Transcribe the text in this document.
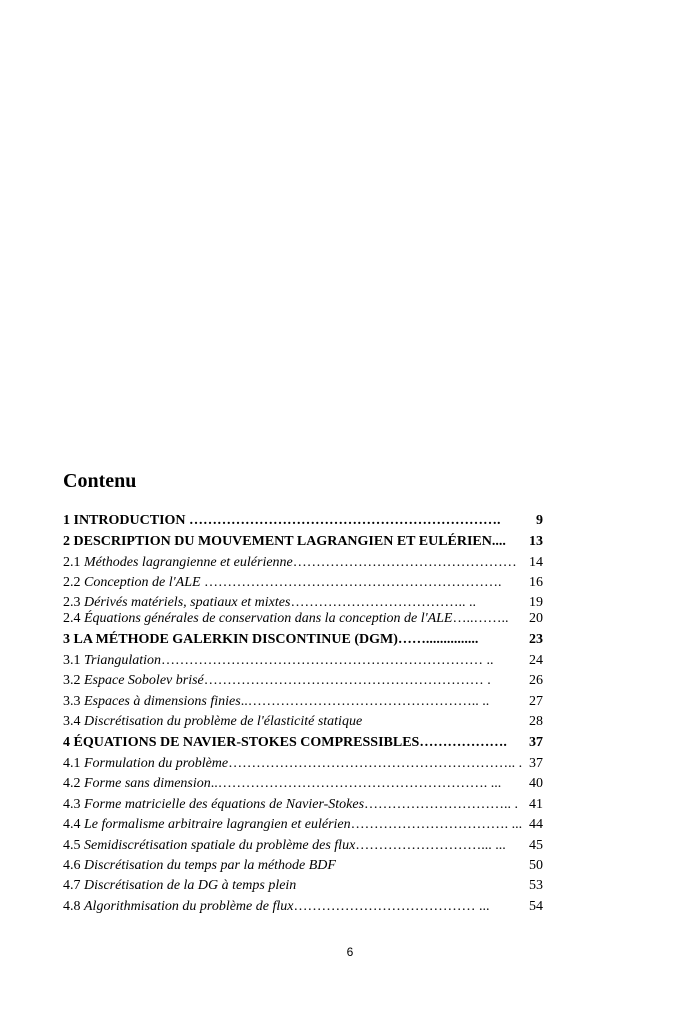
Contenu
1 INTRODUCTION ………………………………………………………….	9
2 DESCRIPTION DU MOUVEMENT LAGRANGIEN ET EULÉRIEN.... 13
2.1 Méthodes lagrangienne et eulérienne………………………………………… 14
2.2 Conception de l'ALE ………………………………………………………. 16
2.3 Dérivés matériels, spatiaux et mixtes……………………………….. ..	19
2.4 Équations générales de conservation dans la conception de l'ALE…..…….. 20
3 LA MÉTHODE GALERKIN DISCONTINUE (DGM)……...............	23
3.1 Triangulation…………………………………………………………… ..	24
3.2 Espace Sobolev brisé…………………………………………………… .	26
3.3 Espaces à dimensions finies..………………………………………….. ..	27
3.4 Discrétisation du problème de l'élasticité statique	28
4 ÉQUATIONS DE NAVIER-STOKES COMPRESSIBLES………………. 37
4.1 Formulation du problème…………………………………………………….. . 37
4.2 Forme sans dimension..…………………………………………………. ... 40
4.3 Forme matricielle des équations de Navier-Stokes………………………….. . 41
4.4 Le formalisme arbitraire lagrangien et eulérien……………………………. ... 44
4.5 Semidiscrétisation spatiale du problème des flux………………………... ... 45
4.6 Discrétisation du temps par la méthode BDF	50
4.7 Discrétisation de la DG à temps plein	53
4.8 Algorithmisation du problème de flux………………………………… ...	54
6
